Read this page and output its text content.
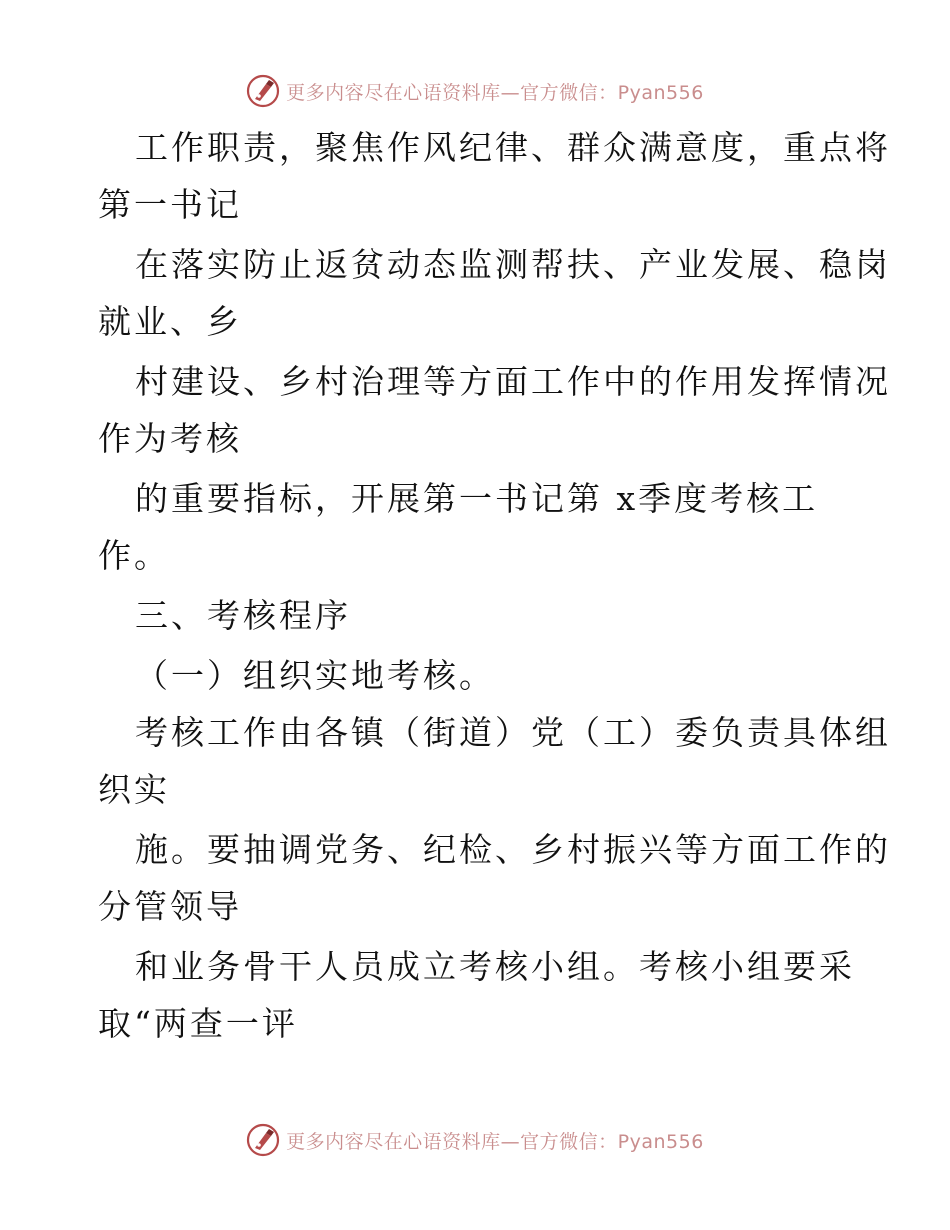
更多内容尽在心语资料库—官方微信：Pyan556
工作职责，聚焦作风纪律、群众满意度，重点将
第一书记
在落实防止返贫动态监测帮扶、产业发展、稳岗
就业、乡
村建设、乡村治理等方面工作中的作用发挥情况
作为考核
的重要指标，开展第一书记第 x季度考核工
作。
三、考核程序
（一）组织实地考核。
考核工作由各镇（街道）党（工）委负责具体组
织实
施。要抽调党务、纪检、乡村振兴等方面工作的
分管领导
和业务骨干人员成立考核小组。考核小组要采
取“两查一评
更多内容尽在心语资料库—官方微信：Pyan556
